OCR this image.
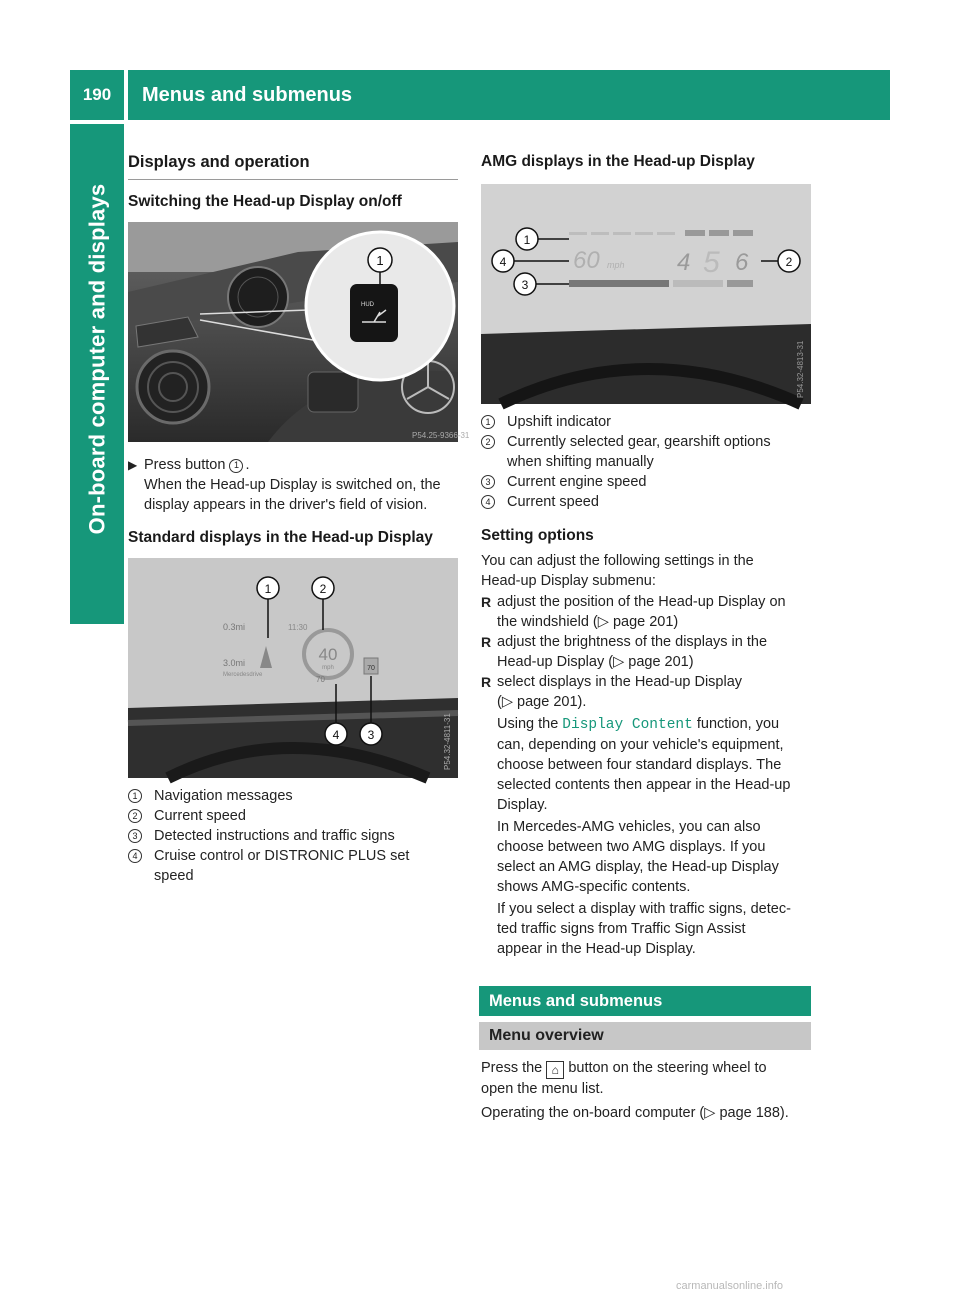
190	Menus and submenus
On-board computer and displays
Displays and operation
Switching the Head-up Display on/off
HUD
1
P54.25-9366-31
▶ Press button 1 .
When the Head-up Display is switched on, the
display appears in the driver's field of vision.
Standard displays in the Head-up Display
0.3mi	11:30
3.0mi
Mercedesdrive
40
mph
70
70
1	2
3
4	P54.32-4811-31
1	Navigation messages
2	Current speed
3	Detected instructions and traffic signs
4	Cruise control or DISTRONIC PLUS set
speed
AMG displays in the Head-up Display
60 mph 4 5 6
1
2
3
4
P54.32-4813-31
1	Upshift indicator
2	Currently selected gear, gearshift options
when shifting manually
3	Current engine speed
4	Current speed
Setting options
You can adjust the following settings in the
Head-up Display submenu:
R adjust the position of the Head-up Display on
the windshield (▷ page 201)
R adjust the brightness of the displays in the
Head-up Display (▷ page 201)
R select displays in the Head-up Display
(▷ page 201).
Using the Display Content function, you
can, depending on your vehicle's equipment,
choose between four standard displays. The
selected contents then appear in the Head-up
Display.
In Mercedes-AMG vehicles, you can also
choose between two AMG displays. If you
select an AMG display, the Head-up Display
shows AMG-specific contents.
If you select a display with traffic signs, detec-
ted traffic signs from Traffic Sign Assist
appear in the Head-up Display.
Menus and submenus
Menu overview
Press the ⌂ button on the steering wheel to
open the menu list.
Operating the on-board computer (▷ page 188).
carmanualsonline.info
